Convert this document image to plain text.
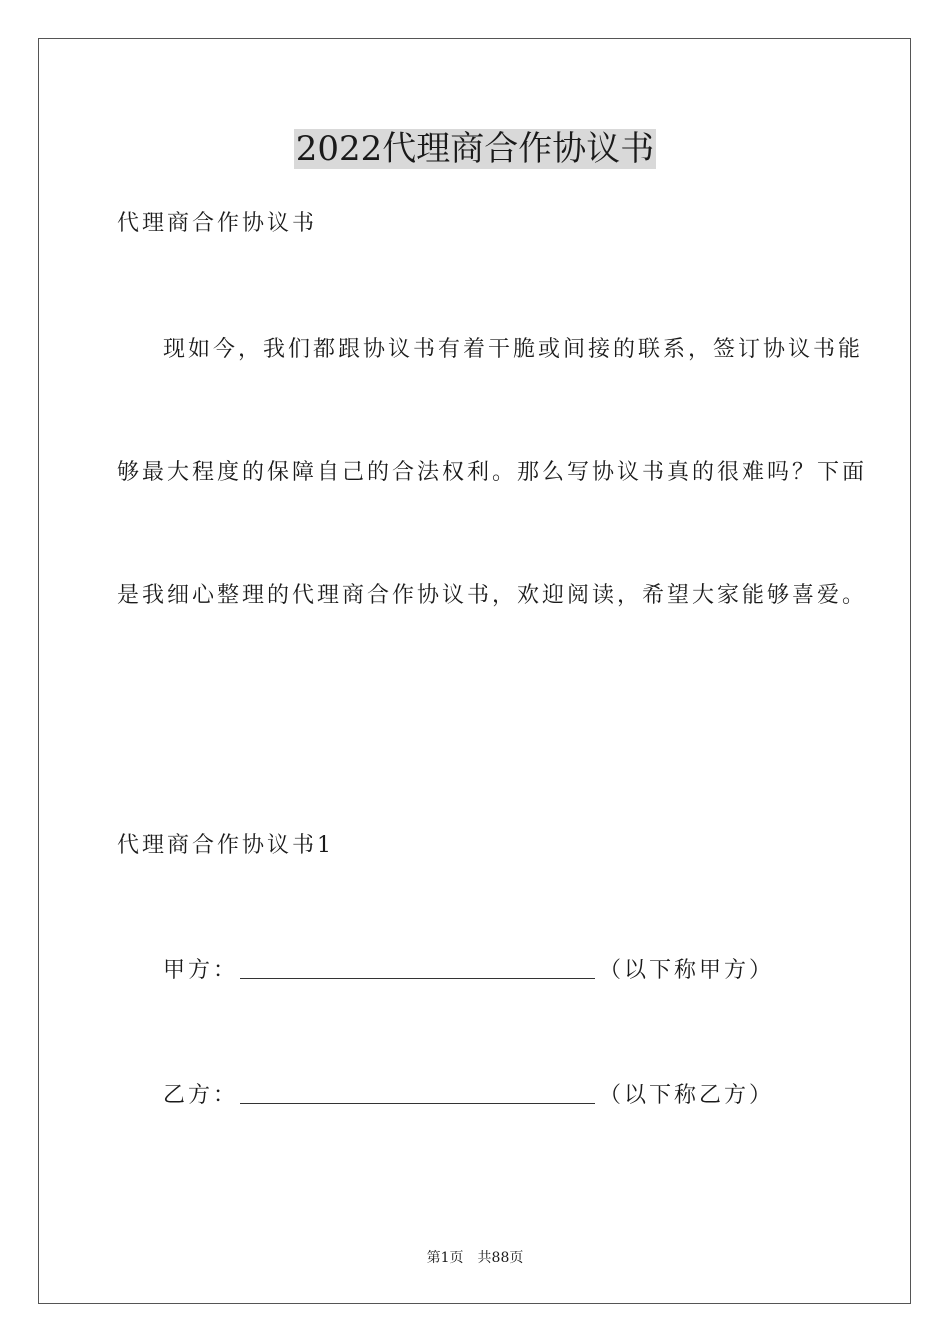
2022代理商合作协议书
代理商合作协议书
现如今，我们都跟协议书有着干脆或间接的联系，签订协议书能
够最大程度的保障自己的合法权利。那么写协议书真的很难吗？下面
是我细心整理的代理商合作协议书，欢迎阅读，希望大家能够喜爱。
代理商合作协议书1
甲方：	（以下称甲方）
乙方：	（以下称乙方）
第1页 共88页
